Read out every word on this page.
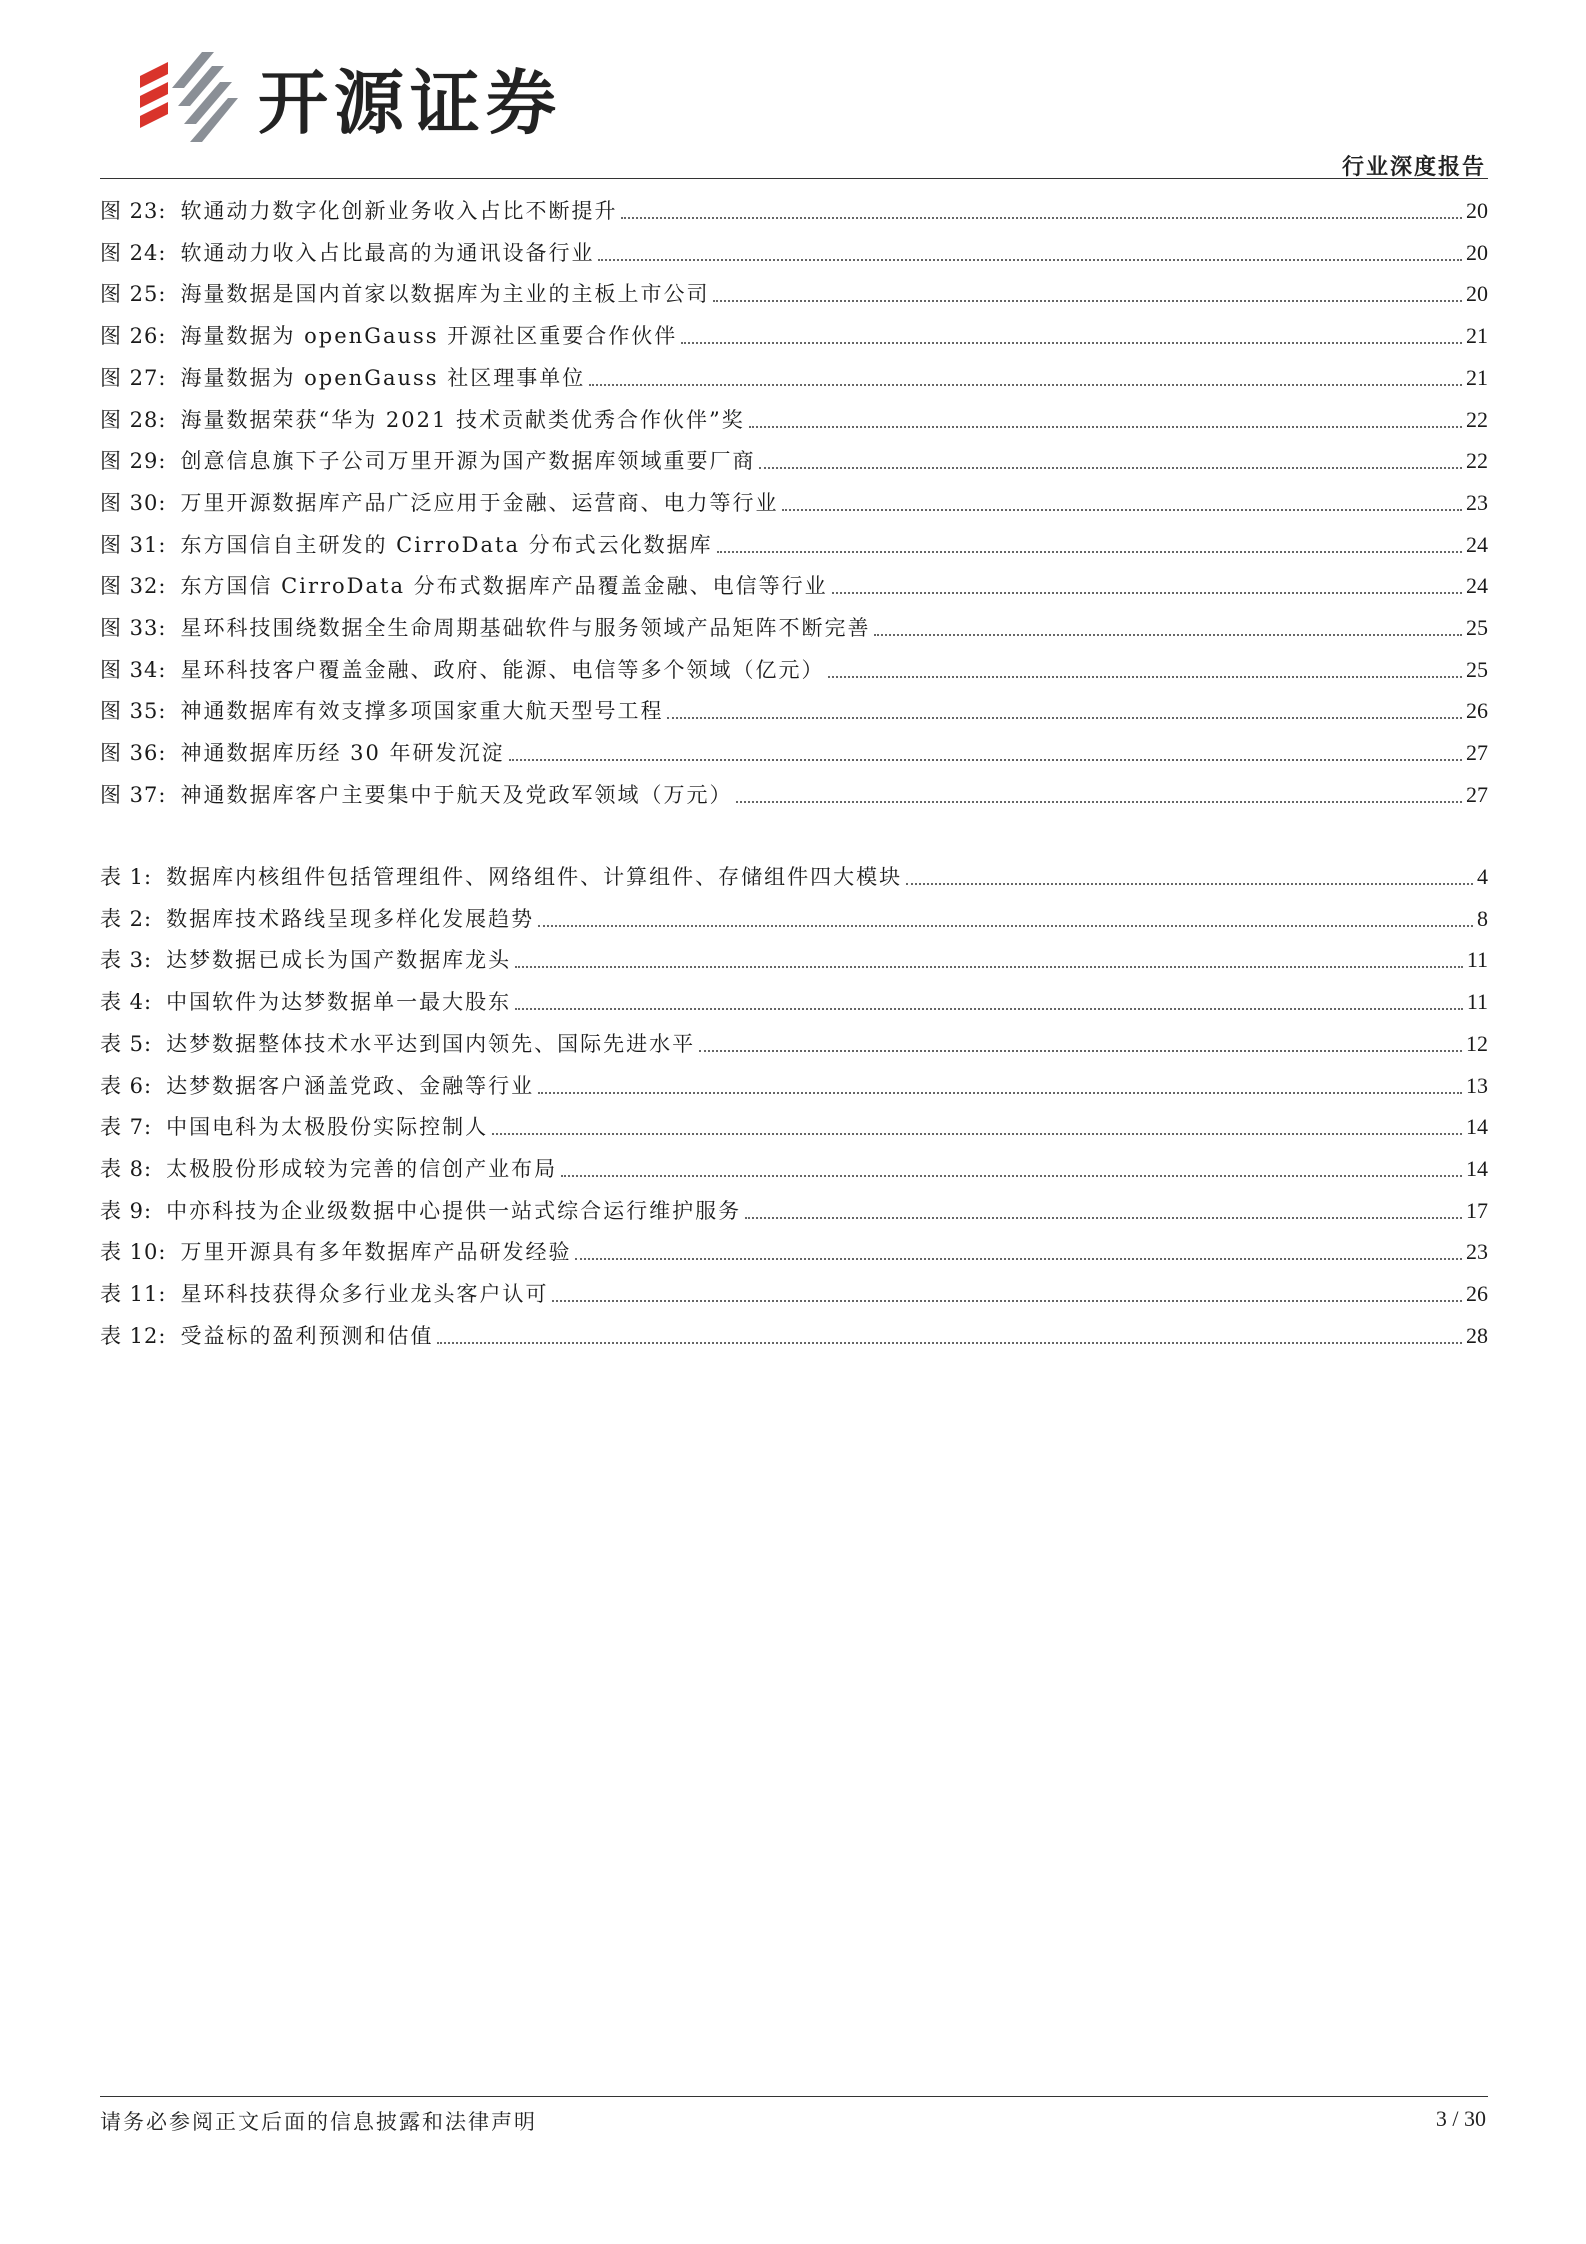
开源证券
行业深度报告
图 23: 软通动力数字化创新业务收入占比不断提升	20
图 24: 软通动力收入占比最高的为通讯设备行业	20
图 25: 海量数据是国内首家以数据库为主业的主板上市公司	20
图 26: 海量数据为 openGauss 开源社区重要合作伙伴	21
图 27: 海量数据为 openGauss 社区理事单位	21
图 28: 海量数据荣获“华为 2021 技术贡献类优秀合作伙伴”奖	22
图 29: 创意信息旗下子公司万里开源为国产数据库领域重要厂商	22
图 30: 万里开源数据库产品广泛应用于金融、运营商、电力等行业	23
图 31: 东方国信自主研发的 CirroData 分布式云化数据库	24
图 32: 东方国信 CirroData 分布式数据库产品覆盖金融、电信等行业	24
图 33: 星环科技围绕数据全生命周期基础软件与服务领域产品矩阵不断完善	25
图 34: 星环科技客户覆盖金融、政府、能源、电信等多个领域（亿元）	25
图 35: 神通数据库有效支撑多项国家重大航天型号工程	26
图 36: 神通数据库历经 30 年研发沉淀	27
图 37: 神通数据库客户主要集中于航天及党政军领域（万元）	27
表 1: 数据库内核组件包括管理组件、网络组件、计算组件、存储组件四大模块	4
表 2: 数据库技术路线呈现多样化发展趋势	8
表 3: 达梦数据已成长为国产数据库龙头	11
表 4: 中国软件为达梦数据单一最大股东	11
表 5: 达梦数据整体技术水平达到国内领先、国际先进水平	12
表 6: 达梦数据客户涵盖党政、金融等行业	13
表 7: 中国电科为太极股份实际控制人	14
表 8: 太极股份形成较为完善的信创产业布局	14
表 9: 中亦科技为企业级数据中心提供一站式综合运行维护服务	17
表 10: 万里开源具有多年数据库产品研发经验	23
表 11: 星环科技获得众多行业龙头客户认可	26
表 12: 受益标的盈利预测和估值	28
请务必参阅正文后面的信息披露和法律声明	3 / 30
